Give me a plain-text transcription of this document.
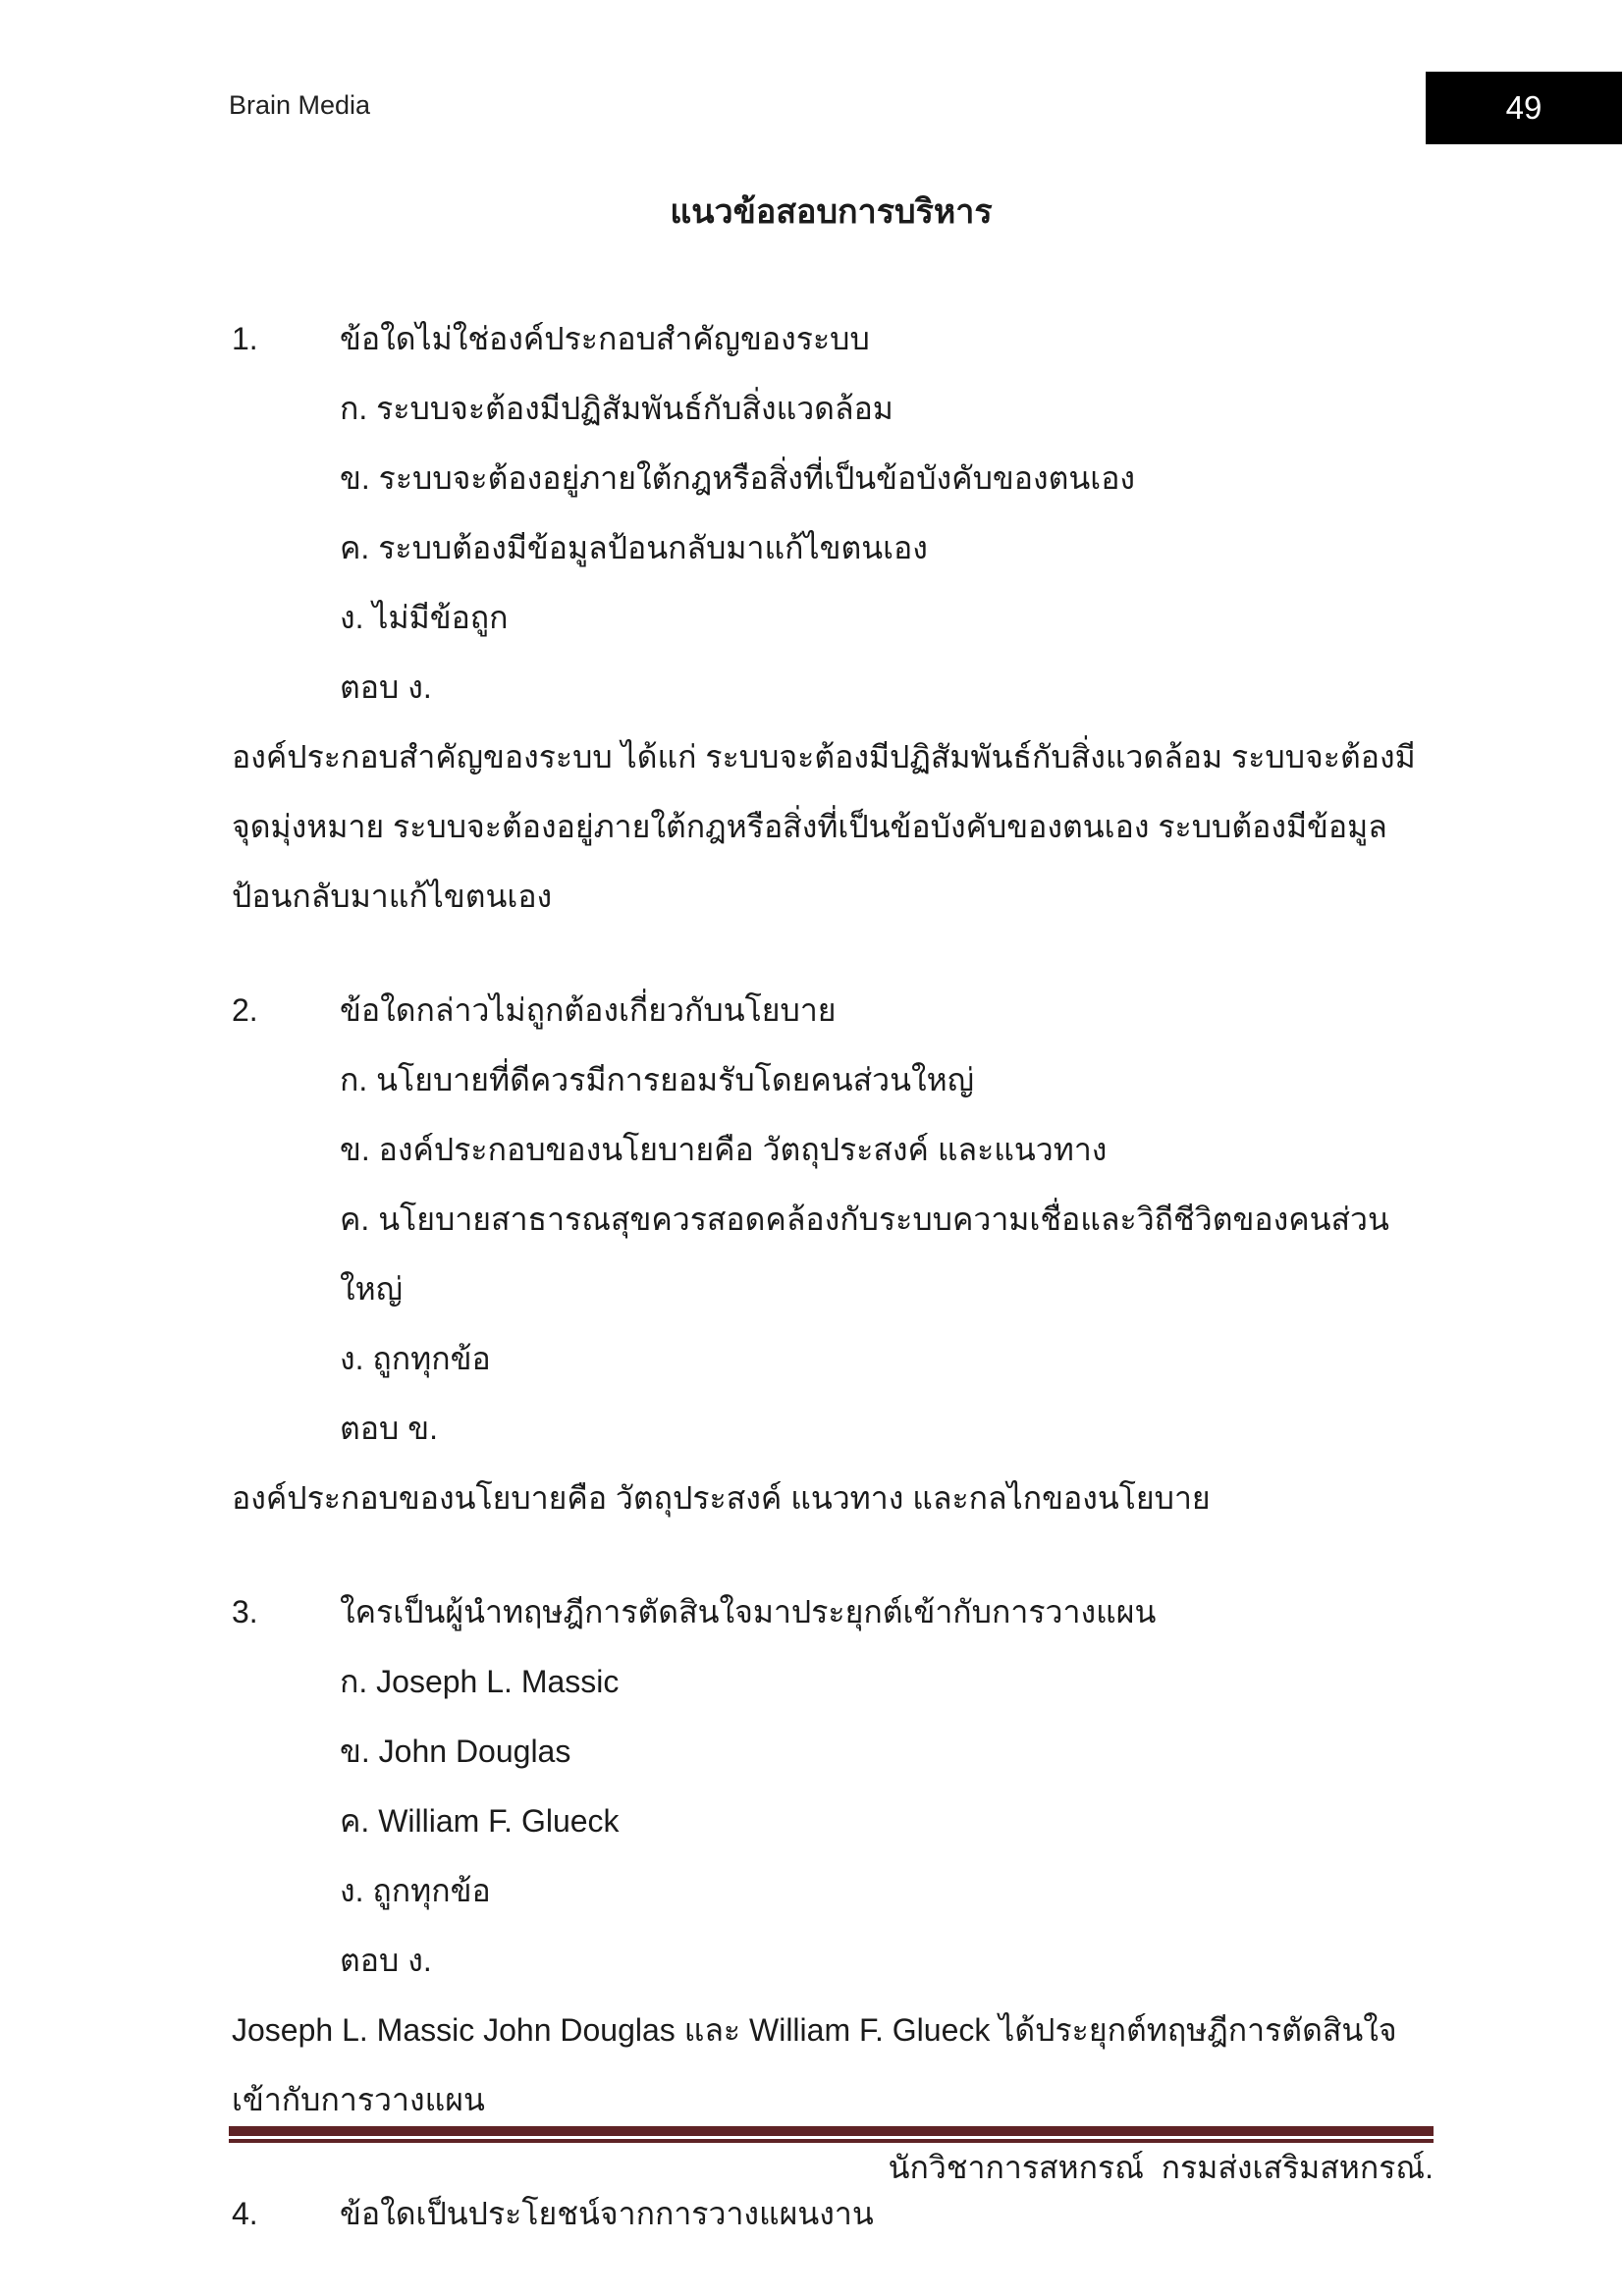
Brain Media	49
แนวข้อสอบการบริหาร
1.	ข้อใดไม่ใช่องค์ประกอบสำคัญของระบบ
ก. ระบบจะต้องมีปฏิสัมพันธ์กับสิ่งแวดล้อม
ข. ระบบจะต้องอยู่ภายใต้กฎหรือสิ่งที่เป็นข้อบังคับของตนเอง
ค. ระบบต้องมีข้อมูลป้อนกลับมาแก้ไขตนเอง
ง. ไม่มีข้อถูก
ตอบ ง.
องค์ประกอบสำคัญของระบบ ได้แก่ ระบบจะต้องมีปฏิสัมพันธ์กับสิ่งแวดล้อม ระบบจะต้องมีจุดมุ่งหมาย ระบบจะต้องอยู่ภายใต้กฎหรือสิ่งที่เป็นข้อบังคับของตนเอง ระบบต้องมีข้อมูลป้อนกลับมาแก้ไขตนเอง
2.	ข้อใดกล่าวไม่ถูกต้องเกี่ยวกับนโยบาย
ก. นโยบายที่ดีควรมีการยอมรับโดยคนส่วนใหญ่
ข. องค์ประกอบของนโยบายคือ วัตถุประสงค์ และแนวทาง
ค. นโยบายสาธารณสุขควรสอดคล้องกับระบบความเชื่อและวิถีชีวิตของคนส่วนใหญ่
ง. ถูกทุกข้อ
ตอบ ข.
องค์ประกอบของนโยบายคือ วัตถุประสงค์ แนวทาง และกลไกของนโยบาย
3.	ใครเป็นผู้นำทฤษฎีการตัดสินใจมาประยุกต์เข้ากับการวางแผน
ก. Joseph L. Massic
ข. John Douglas
ค. William F. Glueck
ง. ถูกทุกข้อ
ตอบ ง.
Joseph L. Massic John Douglas และ William F. Glueck ได้ประยุกต์ทฤษฎีการตัดสินใจเข้ากับการวางแผน
4.	ข้อใดเป็นประโยชน์จากการวางแผนงาน
นักวิชาการสหกรณ์  กรมส่งเสริมสหกรณ์.
